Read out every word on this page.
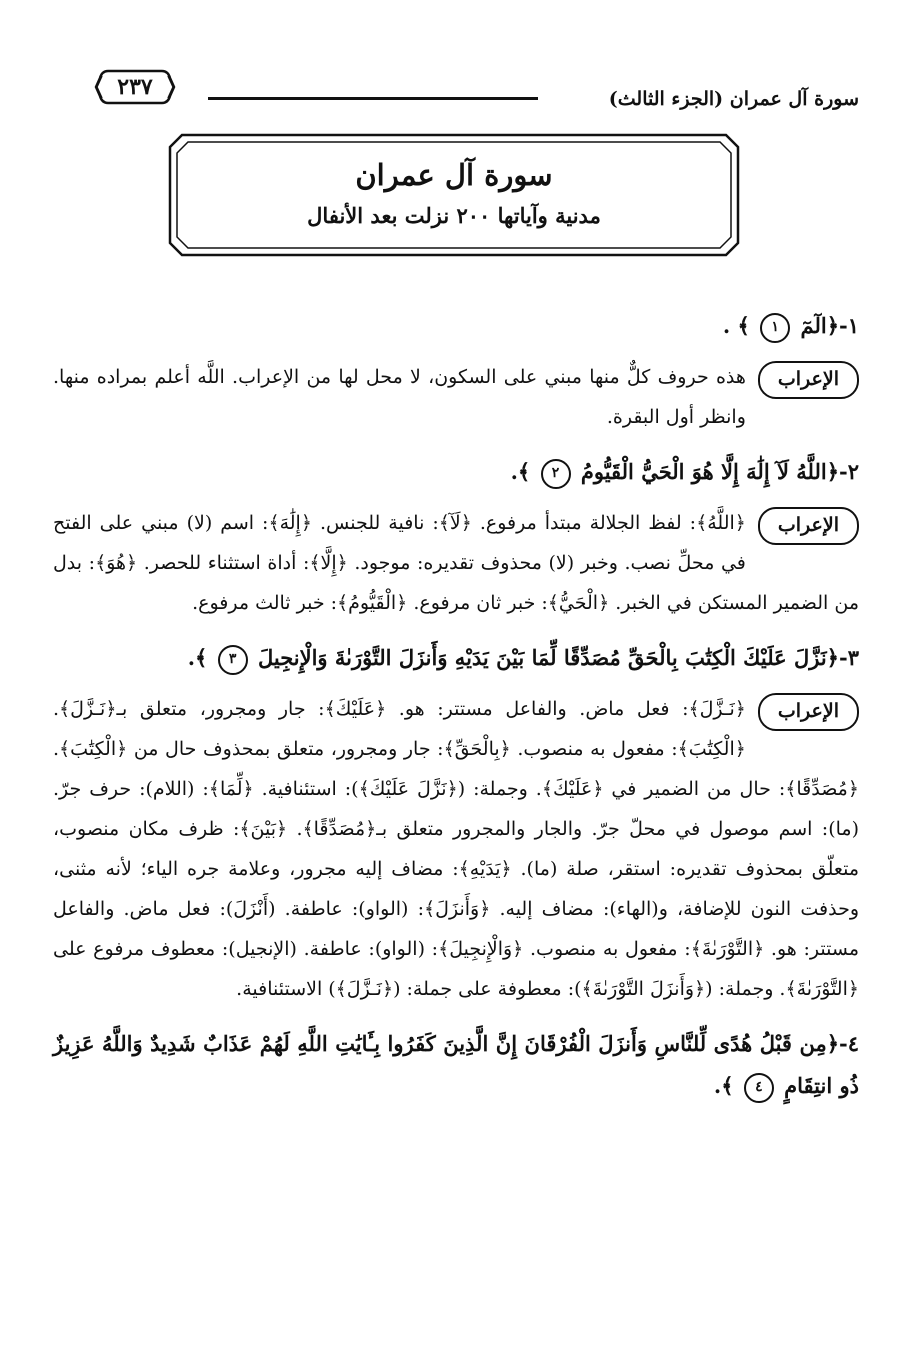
سورة آل عمران (الجزء الثالث)
٢٣٧
سورة آل عمران
مدنية وآياتها ٢٠٠ نزلت بعد الأنفال
١-﴿الٓمٓ ١ ﴾ .
الإعراب
هذه حروف كلٌّ منها مبني على السكون، لا محل لها من الإعراب. اللَّه أعلم بمراده منها. وانظر أول البقرة.
٢-﴿اللَّهُ لَآ إِلَٰهَ إِلَّا هُوَ الْحَيُّ الْقَيُّومُ ٢ ﴾.
الإعراب
﴿اللَّهُ﴾: لفظ الجلالة مبتدأ مرفوع. ﴿لَآ﴾: نافية للجنس. ﴿إِلَٰهَ﴾: اسم (لا) مبني على الفتح في محلِّ نصب. وخبر (لا) محذوف تقديره: موجود. ﴿إِلَّا﴾: أداة استثناء للحصر. ﴿هُوَ﴾: بدل من الضمير المستكن في الخبر. ﴿الْحَيُّ﴾: خبر ثان مرفوع. ﴿الْقَيُّومُ﴾: خبر ثالث مرفوع.
٣-﴿نَزَّلَ عَلَيْكَ الْكِتَٰبَ بِالْحَقِّ مُصَدِّقًا لِّمَا بَيْنَ يَدَيْهِ وَأَنزَلَ التَّوْرَىٰةَ وَالْإِنجِيلَ ٣ ﴾.
الإعراب
﴿نَـزَّلَ﴾: فعل ماض. والفاعل مستتر: هو. ﴿عَلَيْكَ﴾: جار ومجرور، متعلق بـ﴿نَـزَّلَ﴾. ﴿الْكِتَٰبَ﴾: مفعول به منصوب. ﴿بِالْحَقِّ﴾: جار ومجرور، متعلق بمحذوف حال من ﴿الْكِتَٰبَ﴾. ﴿مُصَدِّقًا﴾: حال من الضمير في ﴿عَلَيْكَ﴾. وجملة: (﴿نَزَّلَ عَلَيْكَ﴾): استئنافية. ﴿لِّمَا﴾: (اللام): حرف جرّ. (ما): اسم موصول في محلّ جرّ. والجار والمجرور متعلق بـ﴿مُصَدِّقًا﴾. ﴿بَيْنَ﴾: ظرف مكان منصوب، متعلّق بمحذوف تقديره: استقر، صلة (ما). ﴿يَدَيْهِ﴾: مضاف إليه مجرور، وعلامة جره الياء؛ لأنه مثنى، وحذفت النون للإضافة، و(الهاء): مضاف إليه. ﴿وَأَنزَلَ﴾: (الواو): عاطفة. (أَنْزَلَ): فعل ماض. والفاعل مستتر: هو. ﴿التَّوْرَىٰةَ﴾: مفعول به منصوب. ﴿وَالْإِنجِيلَ﴾: (الواو): عاطفة. (الإنجيل): معطوف مرفوع على ﴿التَّوْرَىٰةَ﴾. وجملة: (﴿وَأَنزَلَ التَّوْرَىٰةَ﴾): معطوفة على جملة: (﴿نَـزَّلَ﴾) الاستئنافية.
٤-﴿مِن قَبْلُ هُدًى لِّلنَّاسِ وَأَنزَلَ الْفُرْقَانَ إِنَّ الَّذِينَ كَفَرُوا بِـَٔايَٰتِ اللَّهِ لَهُمْ عَذَابٌ شَدِيدٌ وَاللَّهُ عَزِيزٌ ذُو انتِقَامٍ ٤ ﴾.
